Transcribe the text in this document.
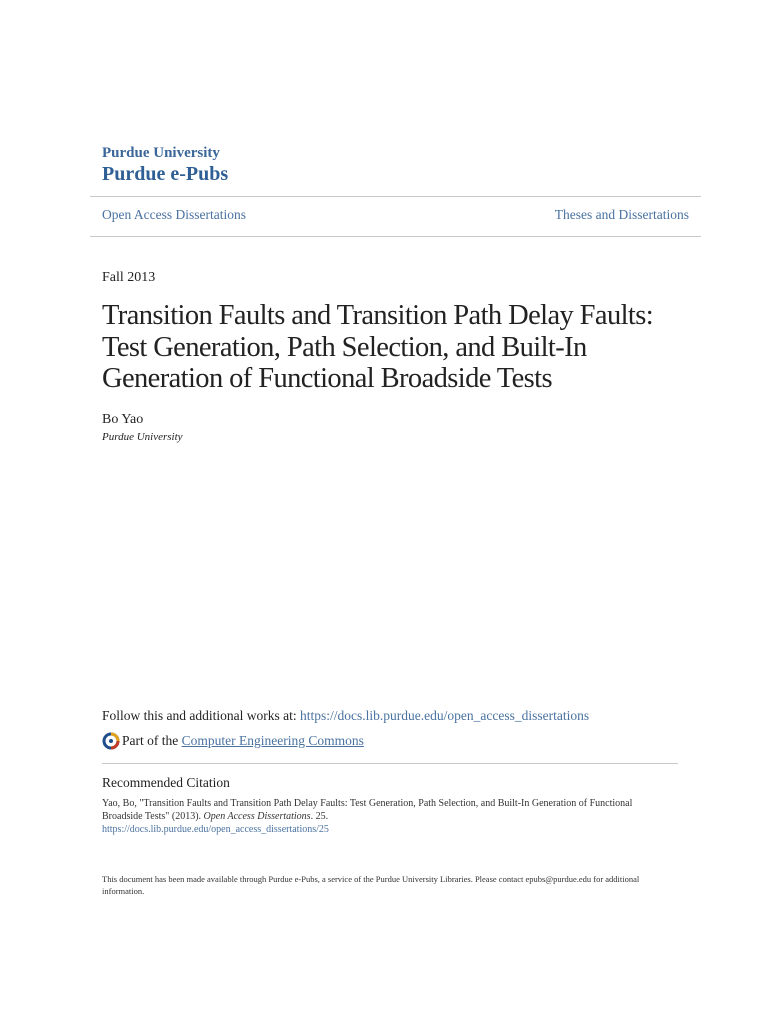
Purdue University
Purdue e-Pubs
Open Access Dissertations	Theses and Dissertations
Fall 2013
Transition Faults and Transition Path Delay Faults: Test Generation, Path Selection, and Built-In Generation of Functional Broadside Tests
Bo Yao
Purdue University
Follow this and additional works at: https://docs.lib.purdue.edu/open_access_dissertations
Part of the
Computer Engineering Commons
Recommended Citation
Yao, Bo, "Transition Faults and Transition Path Delay Faults: Test Generation, Path Selection, and Built-In Generation of Functional Broadside Tests" (2013). Open Access Dissertations. 25.
https://docs.lib.purdue.edu/open_access_dissertations/25
This document has been made available through Purdue e-Pubs, a service of the Purdue University Libraries. Please contact epubs@purdue.edu for additional information.
